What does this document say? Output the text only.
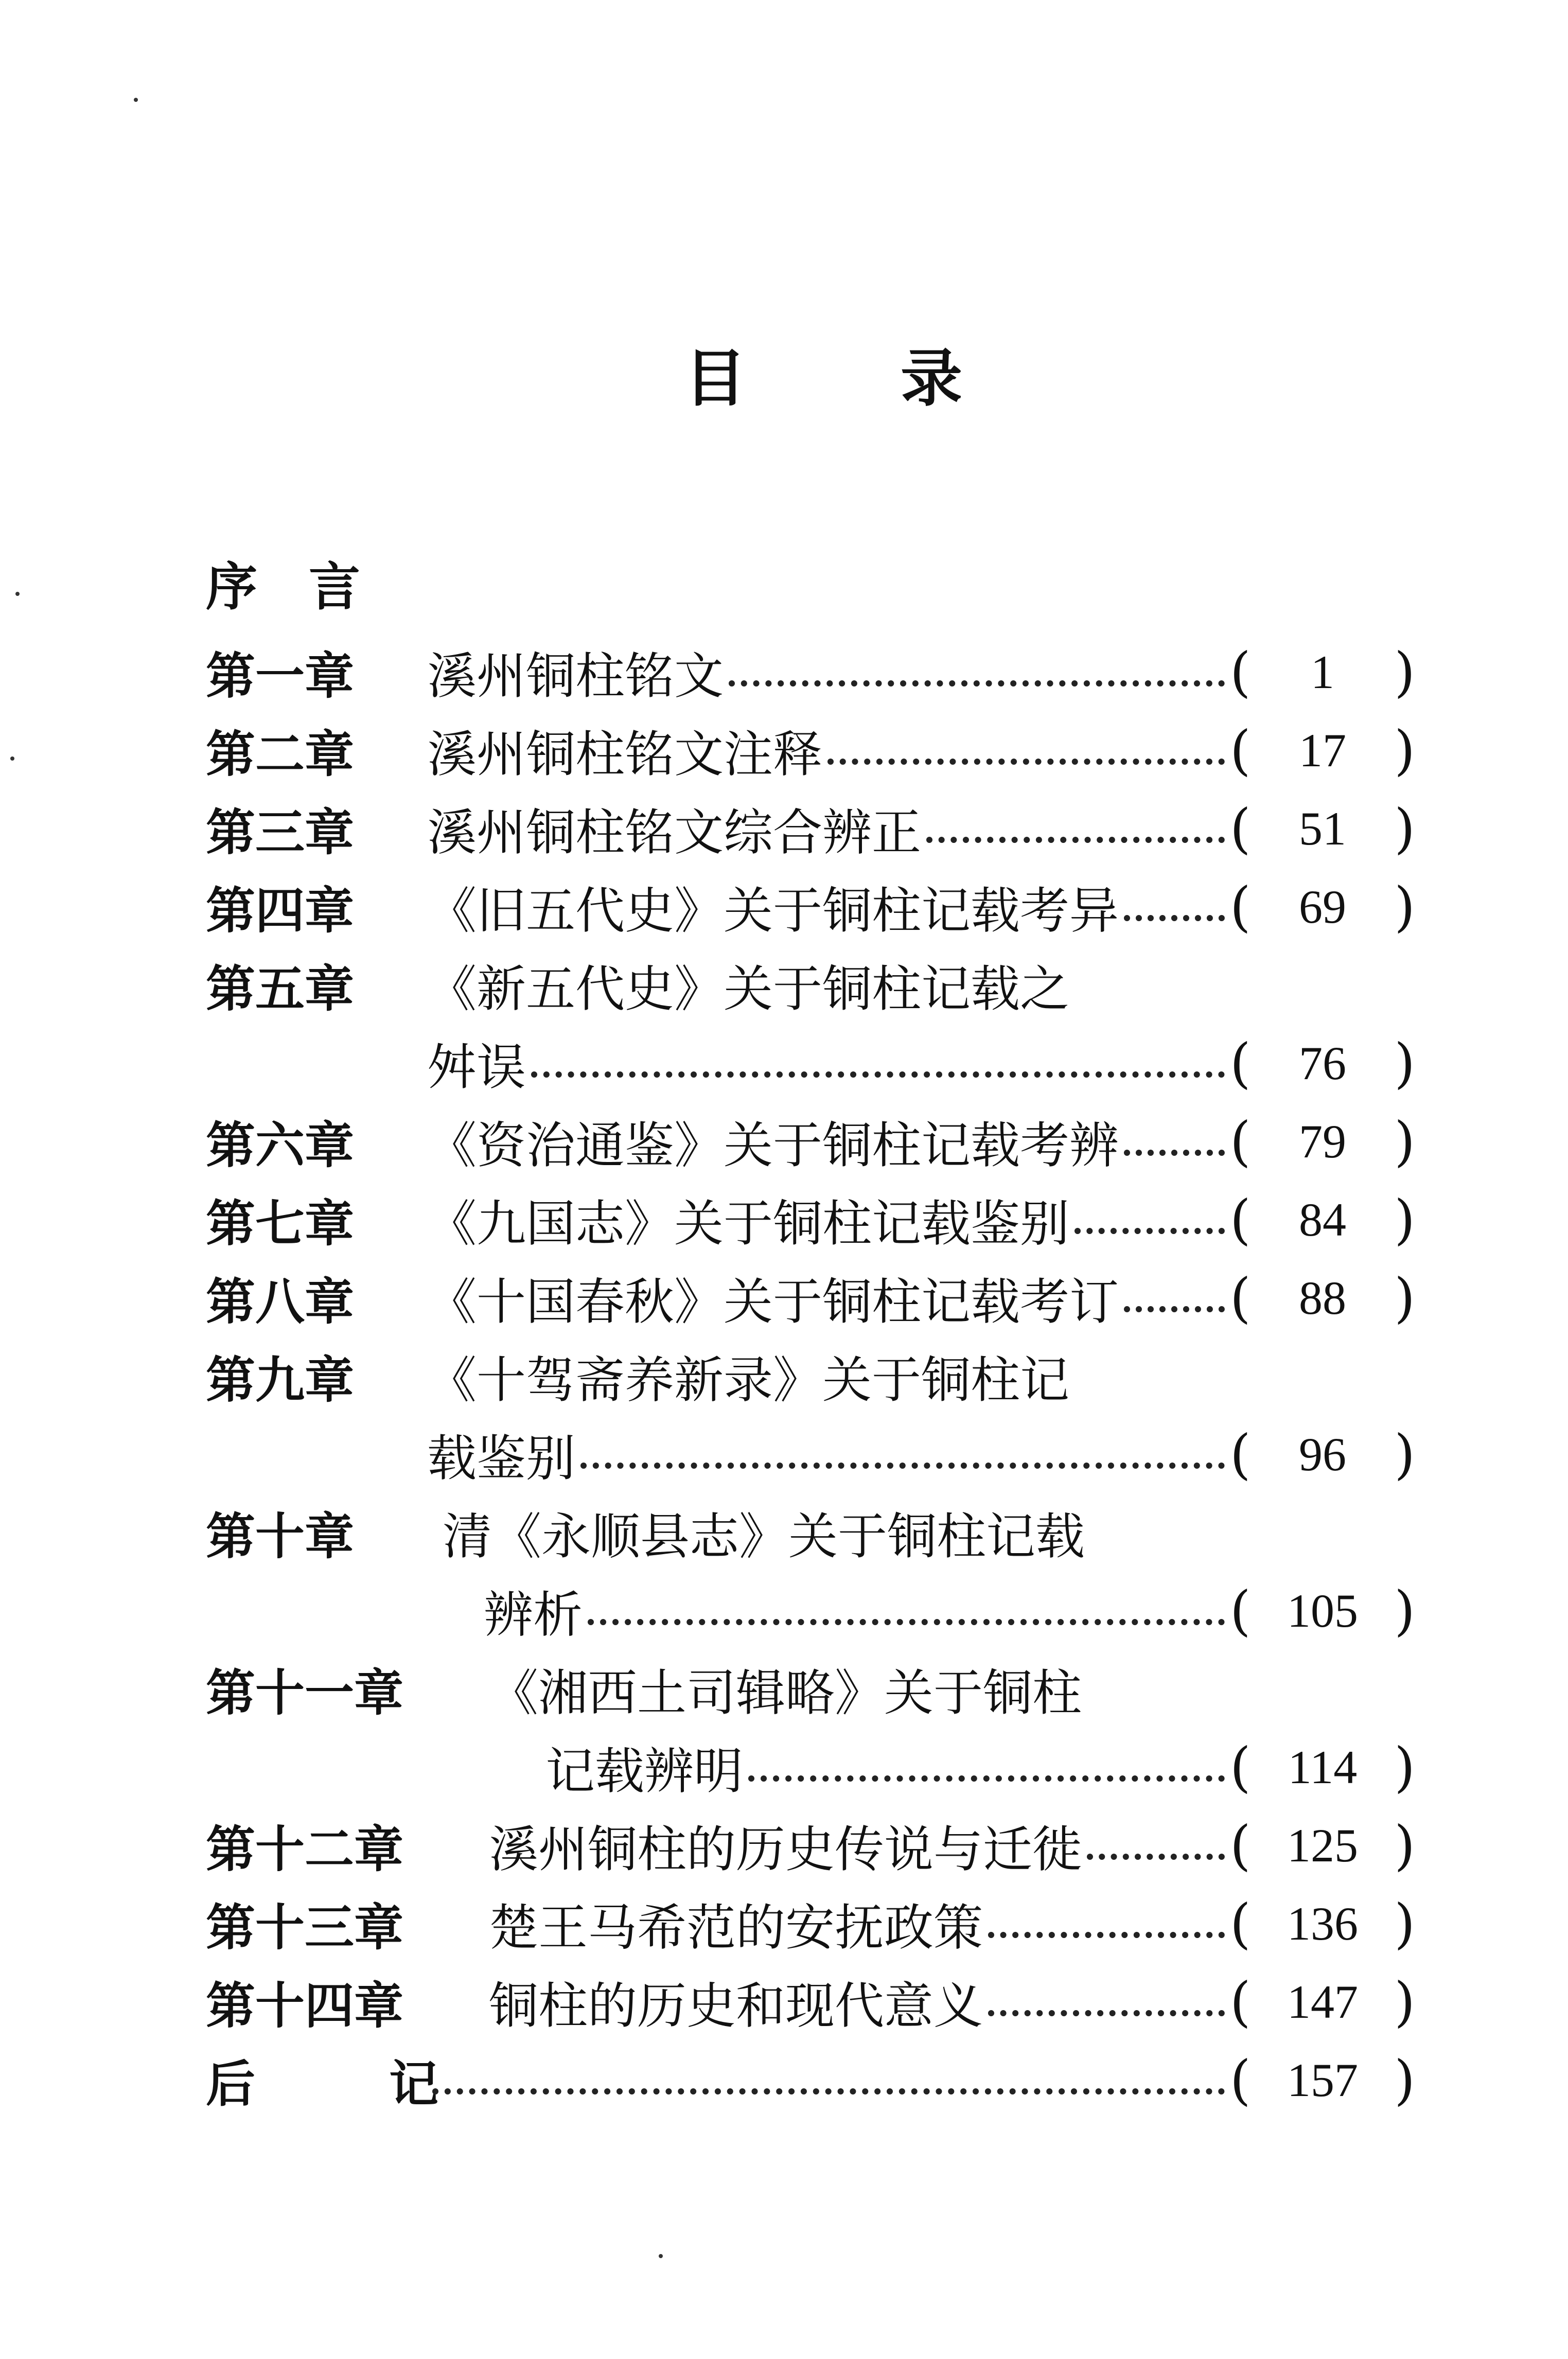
目	录
序言
第一章 溪州铜柱铭文	(	1	)
第二章 溪州铜柱铭文注释	(	17 )
第三章 溪州铜柱铭文综合辨正	(	51 )
第四章 《旧五代史》关于铜柱记载考异 (	69 )
第五章 《新五代史》关于铜柱记载之
舛误	(	76 )
第六章 《资治通鉴》关于铜柱记载考辨 (	79 )
第七章 《九国志》关于铜柱记载鉴别	(	84 )
第八章 《十国春秋》关于铜柱记载考订 (	88 )
第九章 《十驾斋养新录》关于铜柱记
载鉴别	(	96 )
第十章 清《永顺县志》关于铜柱记载
辨析	( 105 )
第十一章 《湘西土司辑略》关于铜柱
记载辨明	( 114 )
第十二章 溪州铜柱的历史传说与迁徙	( 125 )
第十三章 楚王马希范的安抚政策	( 136 )
第十四章 铜柱的历史和现代意义	( 147 )
后记	( 157 )
